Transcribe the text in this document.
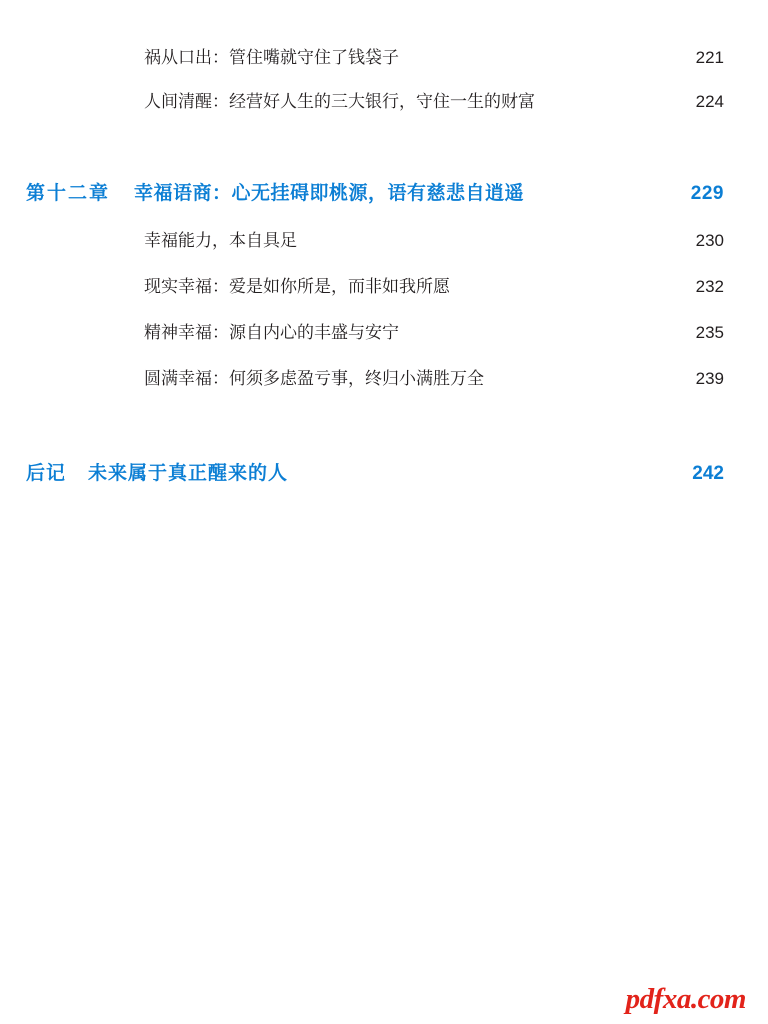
祸从口出：管住嘴就守住了钱袋子	221
人间清醒：经营好人生的三大银行，守住一生的财富	224
第十二章 幸福语商：心无挂碍即桃源，语有慈悲自逍遥	229
幸福能力，本自具足	230
现实幸福：爱是如你所是，而非如我所愿	232
精神幸福：源自内心的丰盛与安宁	235
圆满幸福：何须多虑盈亏事，终归小满胜万全	239
后记 未来属于真正醒来的人	242
pdfxa.com
